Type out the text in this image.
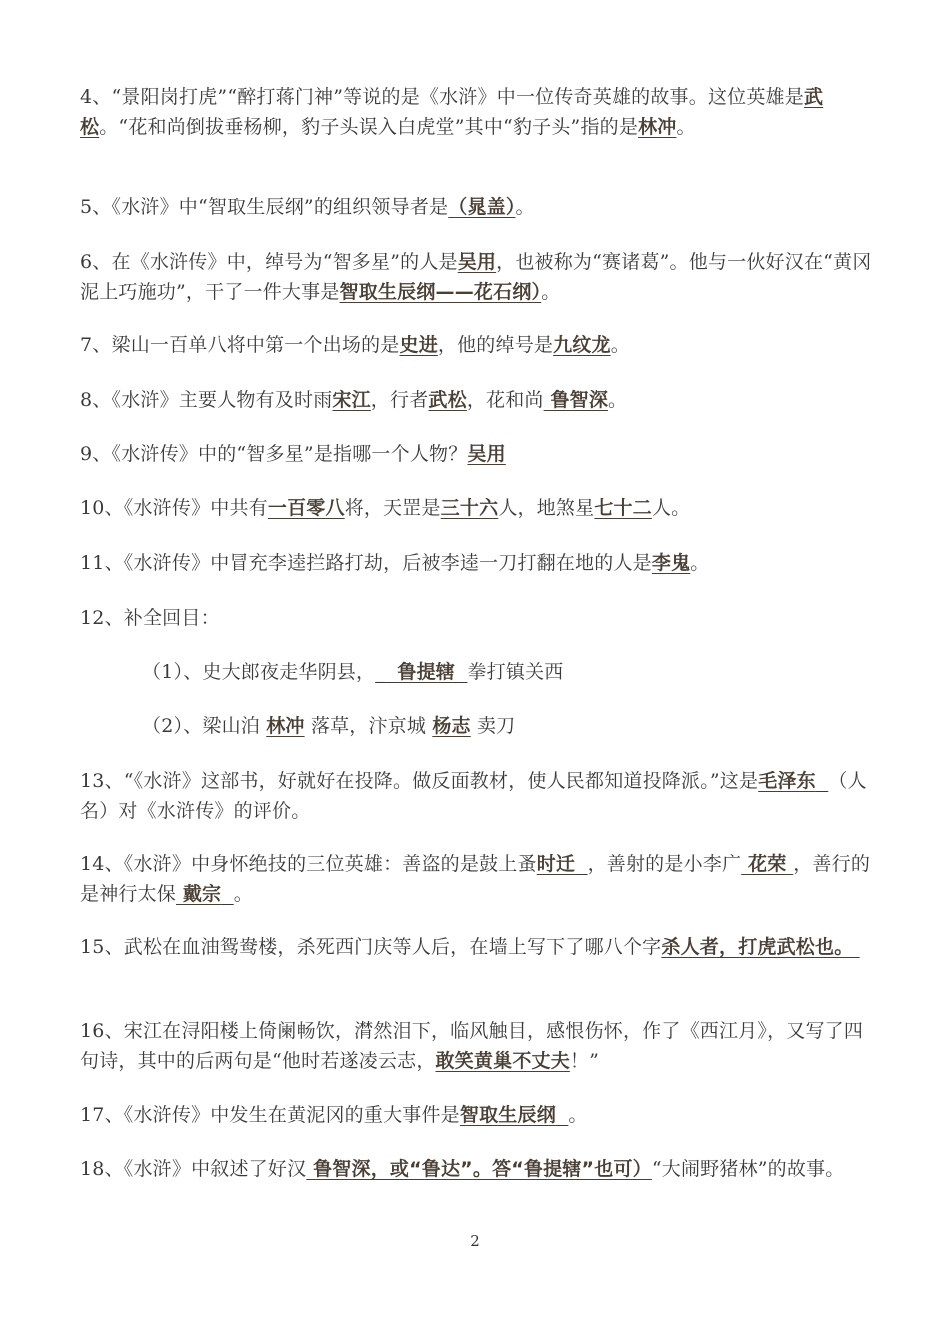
4、“景阳岗打虎”“醉打蒋门神”等说的是《水浒》中一位传奇英雄的故事。这位英雄是武松。“花和尚倒拔垂杨柳，豹子头误入白虎堂”其中“豹子头”指的是林冲。

5、《水浒》中“智取生辰纲”的组织领导者是（晁盖）。

6、在《水浒传》中，绰号为“智多星”的人是吴用，也被称为“赛诸葛”。他与一伙好汉在“黄冈泥上巧施功”，干了一件大事是智取生辰纲——花石纲）。

7、梁山一百单八将中第一个出场的是史进，他的绰号是九纹龙。

8、《水浒》主要人物有及时雨宋江，行者武松，花和尚 鲁智深。

9、《水浒传》中的“智多星”是指哪一个人物？吴用

10、《水浒传》中共有一百零八将，天罡是三十六人，地煞星七十二人。

11、《水浒传》中冒充李逵拦路打劫，后被李逵一刀打翻在地的人是李鬼。

12、补全回目：

（1）、史大郎夜走华阴县，_  鲁提辖 拳打镇关西

（2）、梁山泊 林冲 落草，汴京城 杨志 卖刀

13、“《水浒》这部书，好就好在投降。做反面教材，使人民都知道投降派。”这是毛泽东 （人名）对《水浒传》的评价。

14、《水浒》中身怀绝技的三位英雄：善盗的是鼓上蚤时迁 ，善射的是小李广 花荣 ，善行的是神行太保 戴宗 。

15、武松在血油鸳鸯楼，杀死西门庆等人后，在墙上写下了哪八个字杀人者，打虎武松也。

16、宋江在浔阳楼上倚阑畅饮，潸然泪下，临风触目，感恨伤怀，作了《西江月》，又写了四句诗，其中的后两句是“他时若遂凌云志，敢笑黄巢不丈夫！”

17、《水浒传》中发生在黄泥冈的重大事件是智取生辰纲 。

18、《水浒》中叙述了好汉 鲁智深，或“鲁达”。答“鲁提辖”也可）“大闹野猪林”的故事。

2
